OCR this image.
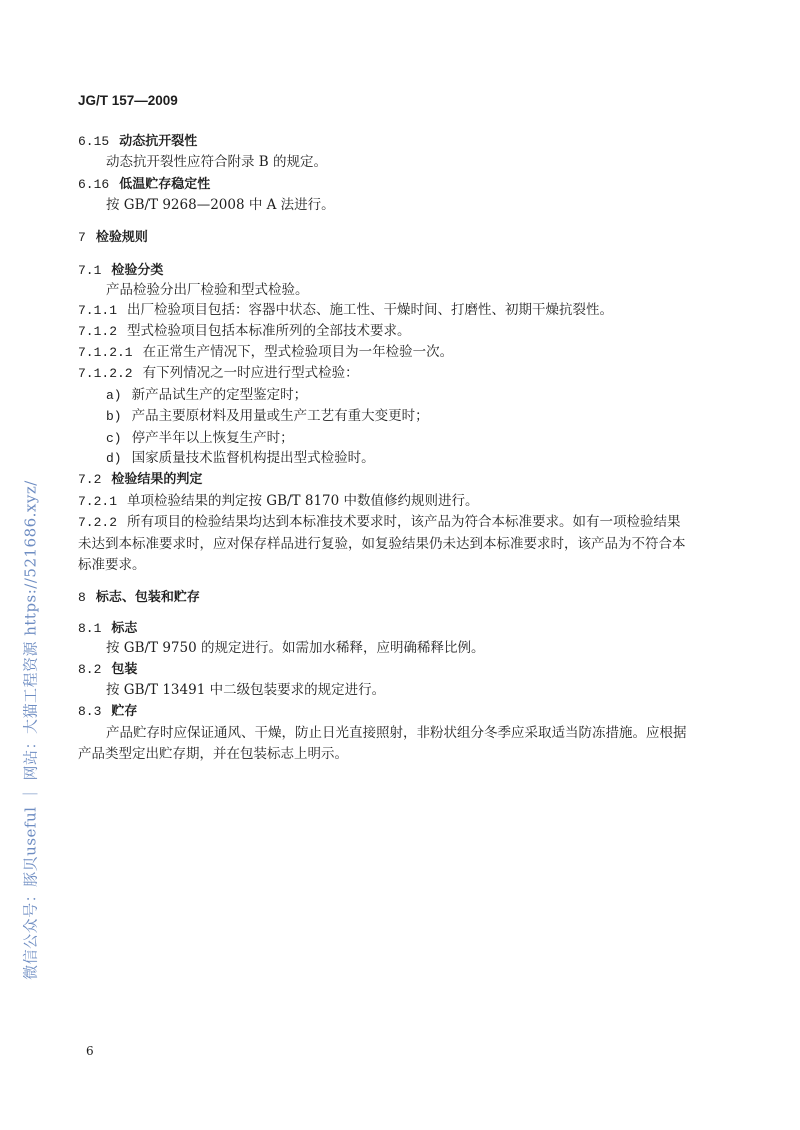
JG/T 157—2009
6.15 动态抗开裂性
动态抗开裂性应符合附录 B 的规定。
6.16 低温贮存稳定性
按 GB/T 9268—2008 中 A 法进行。
7 检验规则
7.1 检验分类
产品检验分出厂检验和型式检验。
7.1.1 出厂检验项目包括：容器中状态、施工性、干燥时间、打磨性、初期干燥抗裂性。
7.1.2 型式检验项目包括本标准所列的全部技术要求。
7.1.2.1 在正常生产情况下，型式检验项目为一年检验一次。
7.1.2.2 有下列情况之一时应进行型式检验：
a) 新产品试生产的定型鉴定时；
b) 产品主要原材料及用量或生产工艺有重大变更时；
c) 停产半年以上恢复生产时；
d) 国家质量技术监督机构提出型式检验时。
7.2 检验结果的判定
7.2.1 单项检验结果的判定按 GB/T 8170 中数值修约规则进行。
7.2.2 所有项目的检验结果均达到本标准技术要求时，该产品为符合本标准要求。如有一项检验结果
未达到本标准要求时，应对保存样品进行复验，如复验结果仍未达到本标准要求时，该产品为不符合本
标准要求。
8 标志、包装和贮存
8.1 标志
按 GB/T 9750 的规定进行。如需加水稀释，应明确稀释比例。
8.2 包装
按 GB/T 13491 中二级包装要求的规定进行。
8.3 贮存
产品贮存时应保证通风、干燥，防止日光直接照射，非粉状组分冬季应采取适当防冻措施。应根据
产品类型定出贮存期，并在包装标志上明示。
微信公众号：豚贝useful ｜ 网站：大猫工程资源 https://521686.xyz/
6
